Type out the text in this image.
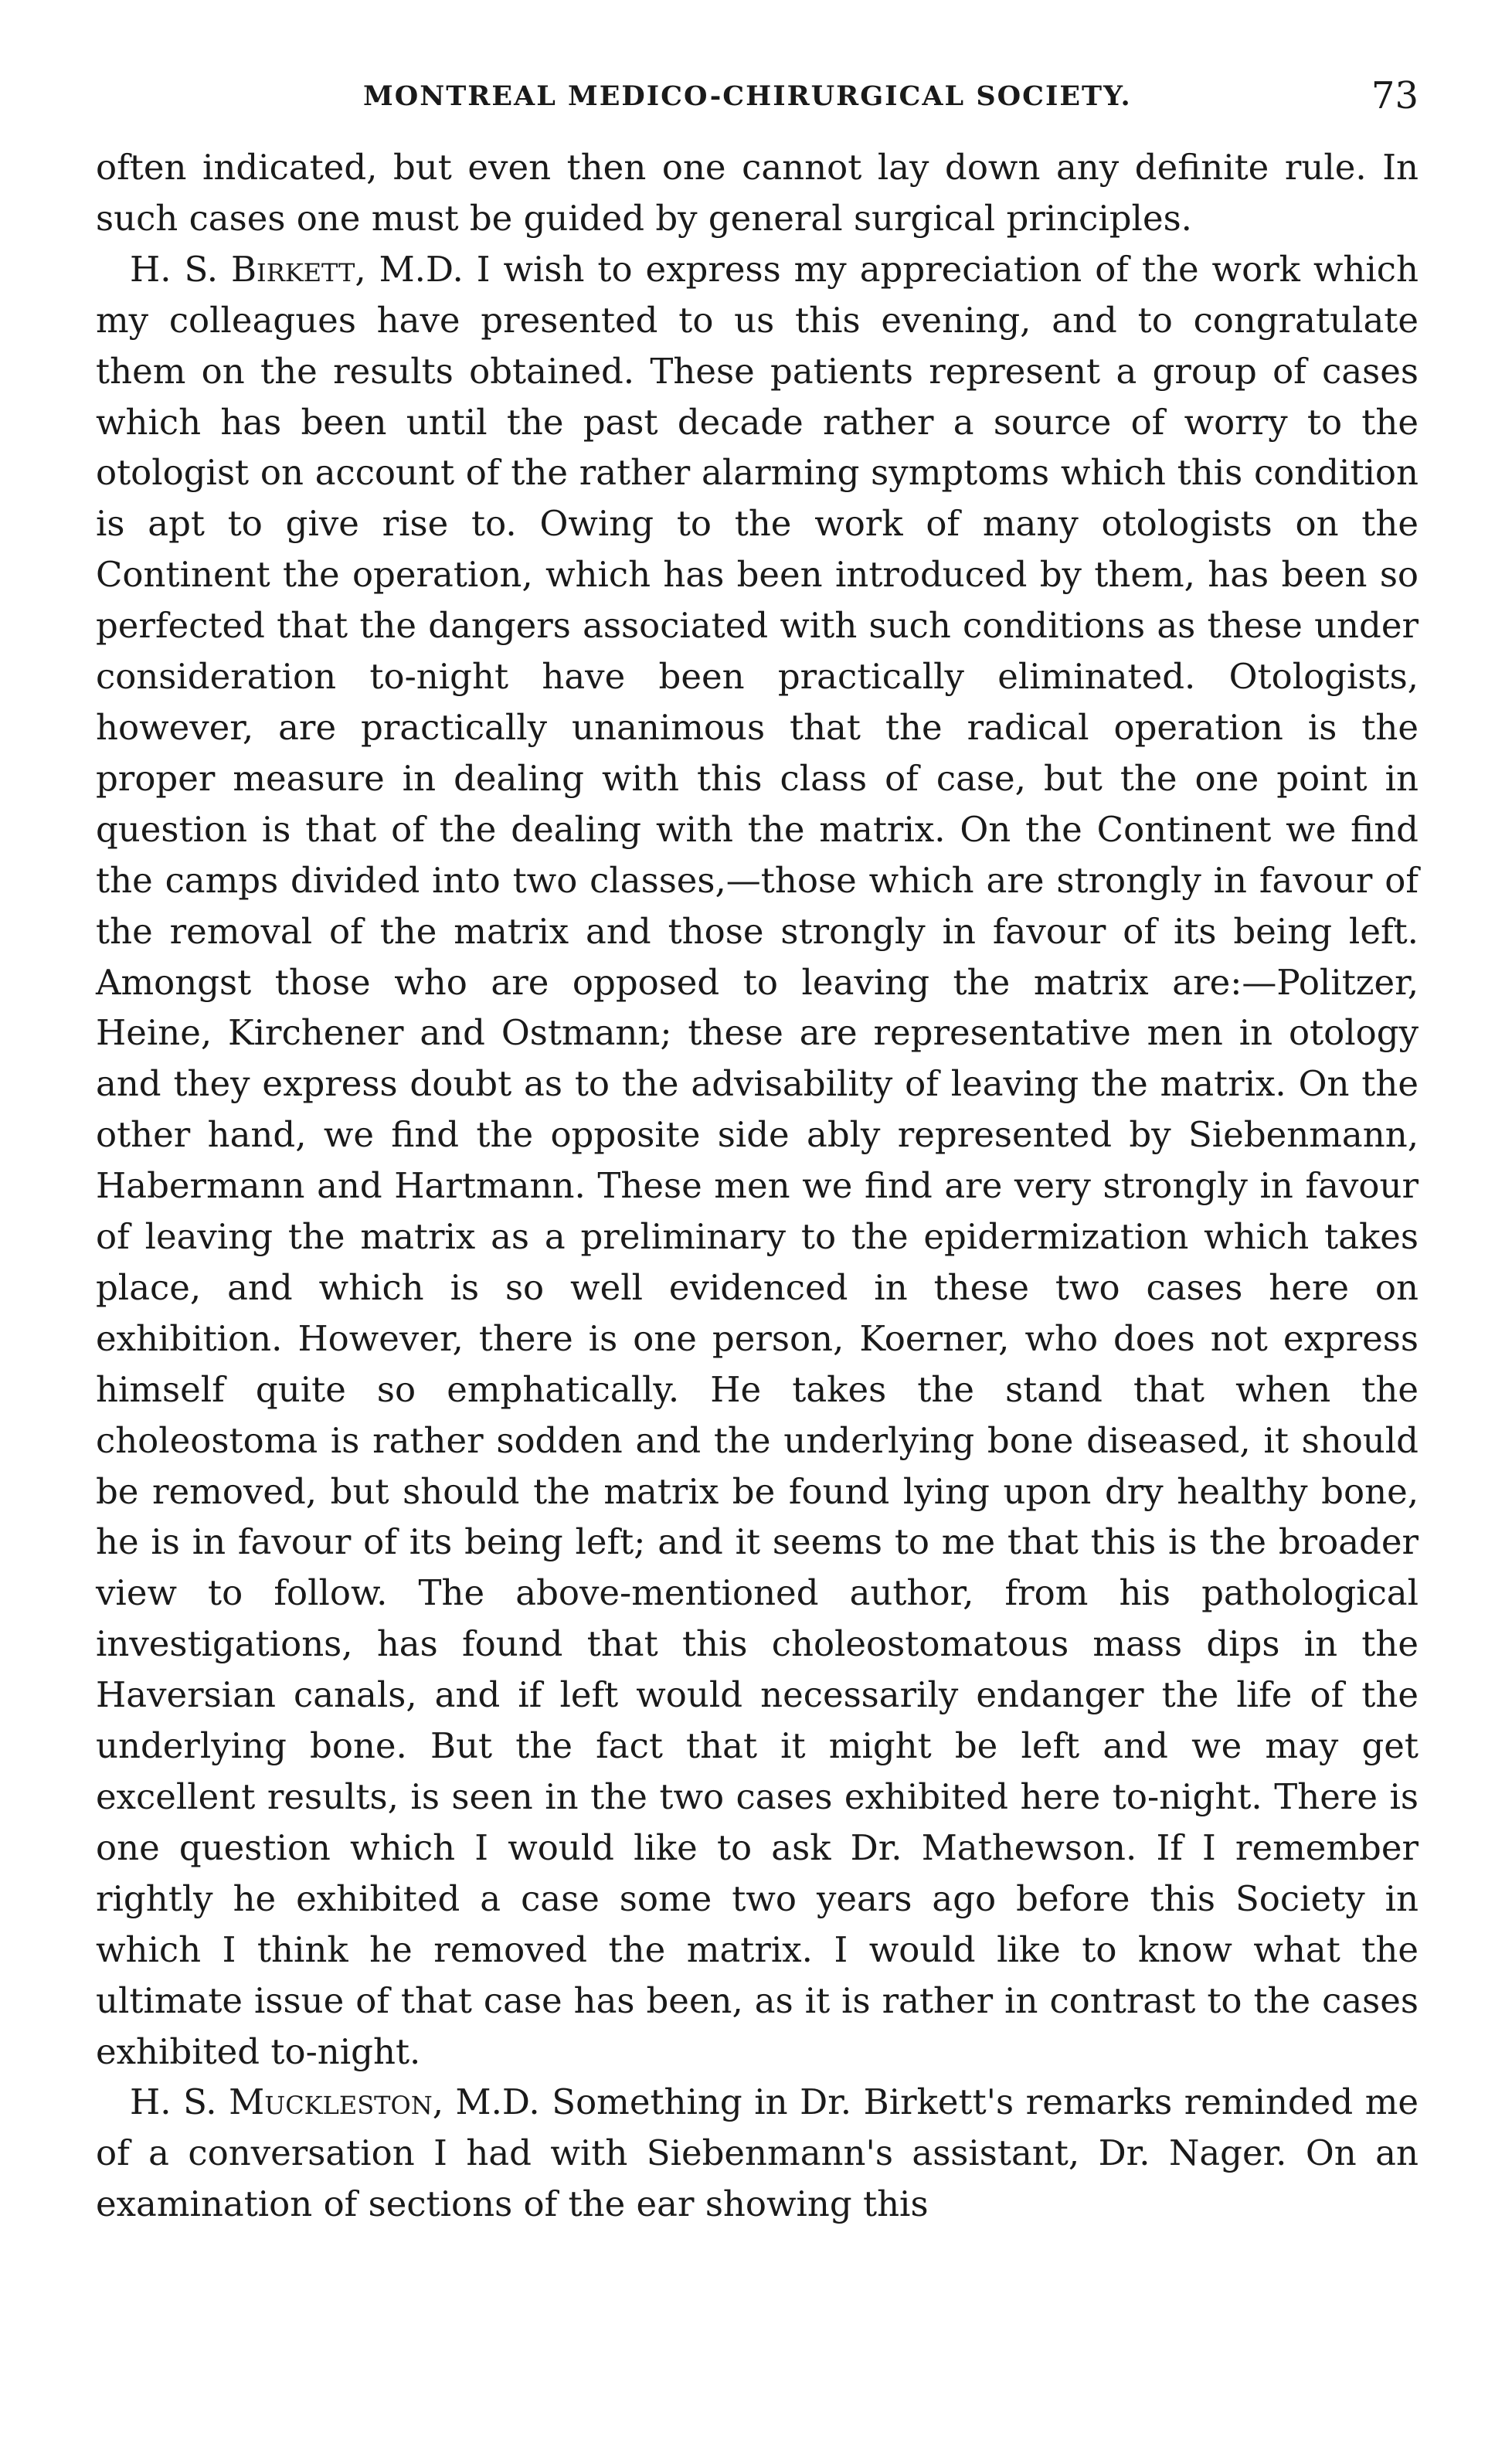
MONTREAL MEDICO-CHIRURGICAL SOCIETY.	73

often indicated, but even then one cannot lay down any definite rule. In such cases one must be guided by general surgical principles.

H. S. Birkett, M.D. I wish to express my appreciation of the work which my colleagues have presented to us this evening, and to congratulate them on the results obtained. These patients represent a group of cases which has been until the past decade rather a source of worry to the otologist on account of the rather alarming symptoms which this condition is apt to give rise to. Owing to the work of many otologists on the Continent the operation, which has been introduced by them, has been so perfected that the dangers associated with such conditions as these under consideration to-night have been practically eliminated. Otologists, however, are practically unanimous that the radical operation is the proper measure in dealing with this class of case, but the one point in question is that of the dealing with the matrix. On the Continent we find the camps divided into two classes,—those which are strongly in favour of the removal of the matrix and those strongly in favour of its being left. Amongst those who are opposed to leaving the matrix are:—Politzer, Heine, Kirchener and Ostmann; these are representative men in otology and they express doubt as to the advisability of leaving the matrix. On the other hand, we find the opposite side ably represented by Siebenmann, Habermann and Hartmann. These men we find are very strongly in favour of leaving the matrix as a preliminary to the epidermization which takes place, and which is so well evidenced in these two cases here on exhibition. However, there is one person, Koerner, who does not express himself quite so emphatically. He takes the stand that when the choleostoma is rather sodden and the underlying bone diseased, it should be removed, but should the matrix be found lying upon dry healthy bone, he is in favour of its being left; and it seems to me that this is the broader view to follow. The above-mentioned author, from his pathological investigations, has found that this choleostomatous mass dips in the Haversian canals, and if left would necessarily endanger the life of the underlying bone. But the fact that it might be left and we may get excellent results, is seen in the two cases exhibited here to-night. There is one question which I would like to ask Dr. Mathewson. If I remember rightly he exhibited a case some two years ago before this Society in which I think he removed the matrix. I would like to know what the ultimate issue of that case has been, as it is rather in contrast to the cases exhibited to-night.

H. S. Muckleston, M.D. Something in Dr. Birkett's remarks reminded me of a conversation I had with Siebenmann's assistant, Dr. Nager. On an examination of sections of the ear showing this
